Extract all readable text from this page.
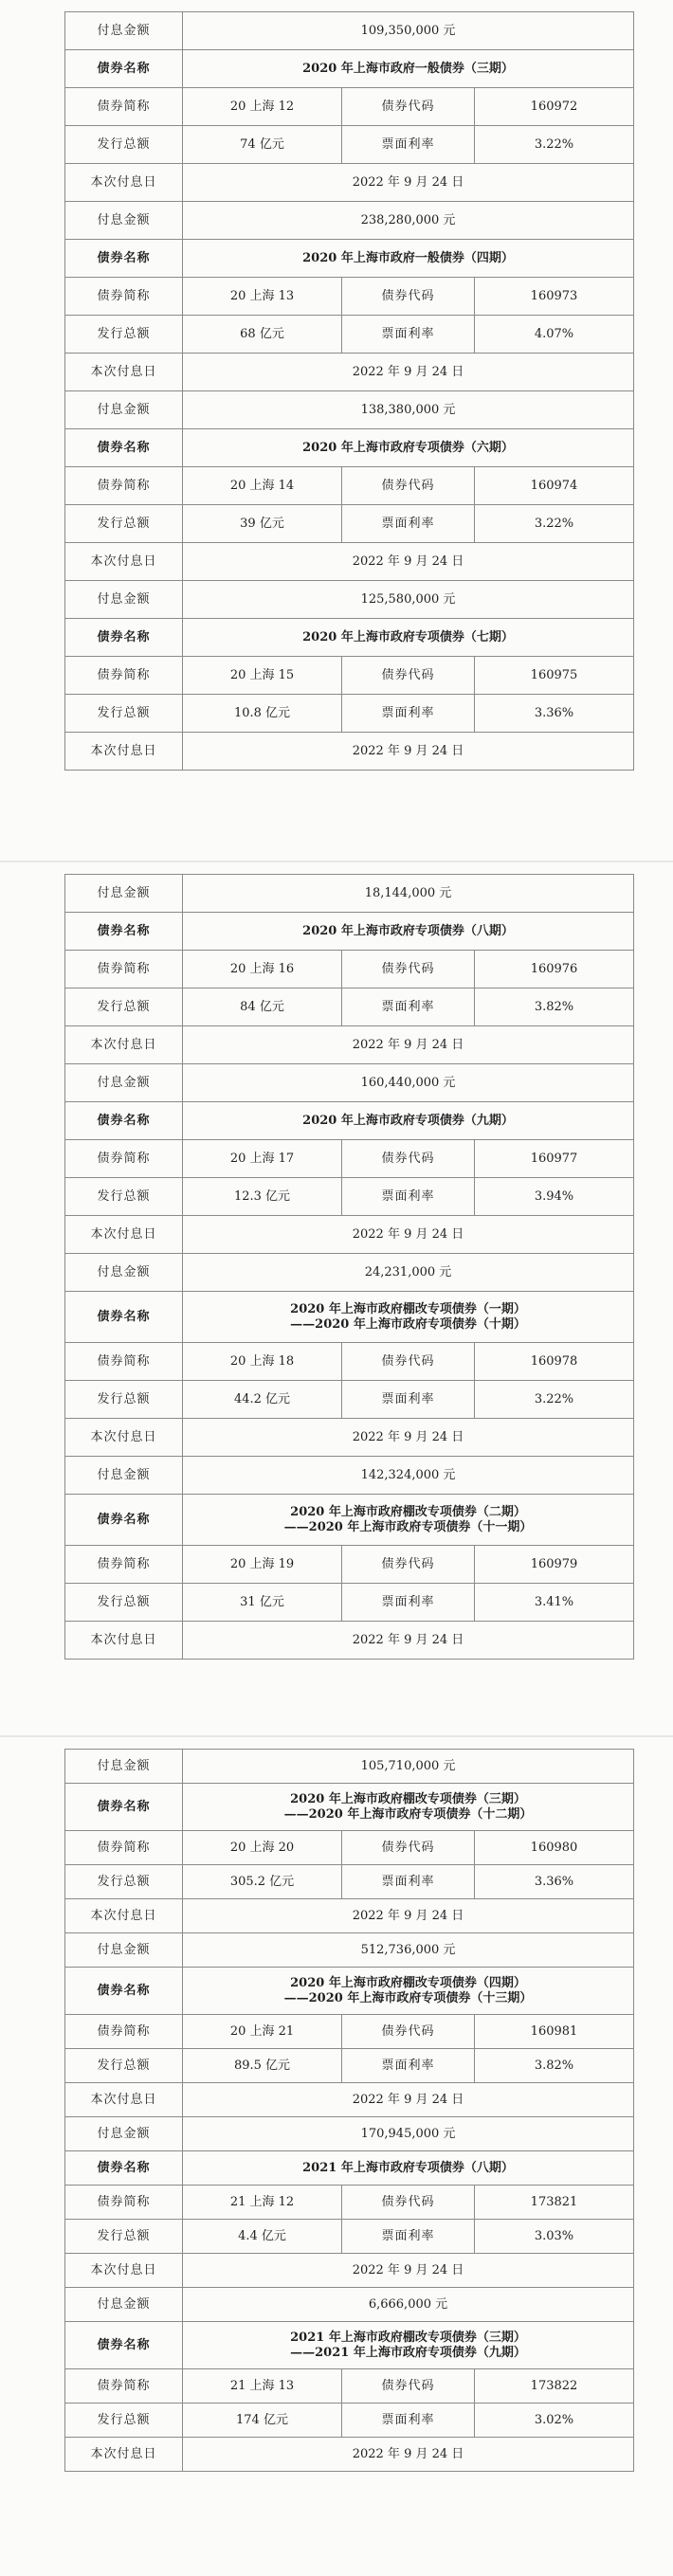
付息金额	109,350,000 元		
债券名称	2020 年上海市政府一般债券（三期）		

债券简称	20 上海 12	债券代码	160972
发行总额	74 亿元	票面利率	3.22%
本次付息日	2022 年 9 月 24 日		
付息金额	238,280,000 元		
债券名称	2020 年上海市政府一般债券（四期）		

债券简称	20 上海 13	债券代码	160973
发行总额	68 亿元	票面利率	4.07%
本次付息日	2022 年 9 月 24 日		
付息金额	138,380,000 元		
债券名称	2020 年上海市政府专项债券（六期）		

债券简称	20 上海 14	债券代码	160974
发行总额	39 亿元	票面利率	3.22%
本次付息日	2022 年 9 月 24 日		
付息金额	125,580,000 元		
债券名称	2020 年上海市政府专项债券（七期）		

债券简称	20 上海 15	债券代码	160975
发行总额	10.8 亿元	票面利率	3.36%
本次付息日	2022 年 9 月 24 日		
付息金额	18,144,000 元		
债券名称	2020 年上海市政府专项债券（八期）		

债券简称	20 上海 16	债券代码	160976
发行总额	84 亿元	票面利率	3.82%
本次付息日	2022 年 9 月 24 日		
付息金额	160,440,000 元		
债券名称	2020 年上海市政府专项债券（九期）		

债券简称	20 上海 17	债券代码	160977
发行总额	12.3 亿元	票面利率	3.94%
本次付息日	2022 年 9 月 24 日		
付息金额	24,231,000 元		
债券名称	2020 年上海市政府棚改专项债券（一期）
——2020 年上海市政府专项债券（十期）		

债券简称	20 上海 18	债券代码	160978
发行总额	44.2 亿元	票面利率	3.22%
本次付息日	2022 年 9 月 24 日		
付息金额	142,324,000 元		
债券名称	2020 年上海市政府棚改专项债券（二期）
——2020 年上海市政府专项债券（十一期）		

债券简称	20 上海 19	债券代码	160979
发行总额	31 亿元	票面利率	3.41%
本次付息日	2022 年 9 月 24 日		
付息金额	105,710,000 元		
债券名称	2020 年上海市政府棚改专项债券（三期）
——2020 年上海市政府专项债券（十二期）		

债券简称	20 上海 20	债券代码	160980
发行总额	305.2 亿元	票面利率	3.36%
本次付息日	2022 年 9 月 24 日		
付息金额	512,736,000 元		
债券名称	2020 年上海市政府棚改专项债券（四期）
——2020 年上海市政府专项债券（十三期）		

债券简称	20 上海 21	债券代码	160981
发行总额	89.5 亿元	票面利率	3.82%
本次付息日	2022 年 9 月 24 日		
付息金额	170,945,000 元		
债券名称	2021 年上海市政府专项债券（八期）		

债券简称	21 上海 12	债券代码	173821
发行总额	4.4 亿元	票面利率	3.03%
本次付息日	2022 年 9 月 24 日		
付息金额	6,666,000 元		
债券名称	2021 年上海市政府棚改专项债券（三期）
——2021 年上海市政府专项债券（九期）		

债券简称	21 上海 13	债券代码	173822
发行总额	174 亿元	票面利率	3.02%
本次付息日	2022 年 9 月 24 日		
